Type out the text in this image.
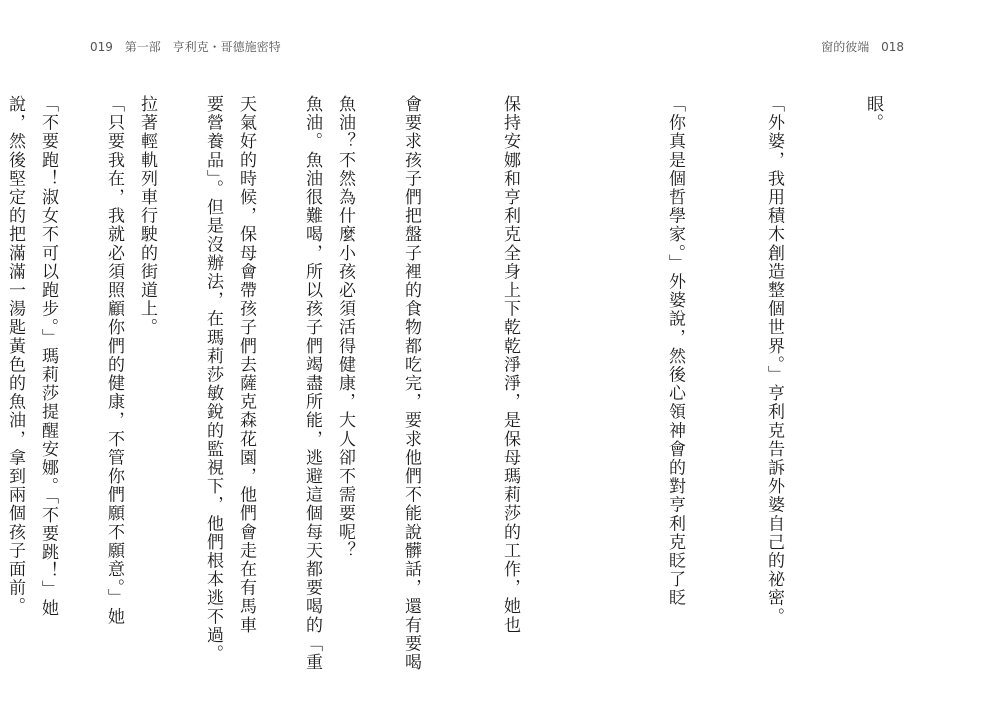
019 第一部 亨利克・哥德施密特	窗的彼端 018

眼。

「外婆，我用積木創造整個世界。」亨利克告訴外婆自己的祕密。

「你真是個哲學家。」外婆說，然後心領神會的對亨利克眨了眨

保持安娜和亨利克全身上下乾乾淨淨，是保母瑪莉莎的工作，她也

會要求孩子們把盤子裡的食物都吃完，要求他們不能說髒話，還有要喝

魚油。魚油很難喝，所以孩子們竭盡所能，逃避這個每天都要喝的「重

要營養品」。但是沒辦法，在瑪莉莎敏銳的監視下，他們根本逃不過。

「只要我在，我就必須照顧你們的健康，不管你們願不願意。」她

說，然後堅定的把滿滿一湯匙黃色的魚油，拿到兩個孩子面前。

	魚油？不然為什麼小孩必須活得健康，大人卻不需要呢？

天氣好的時候，保母會帶孩子們去薩克森花園，他們會走在有馬車

拉著輕軌列車行駛的街道上。

「不要跑！淑女不可以跑步。」瑪莉莎提醒安娜。「不要跳！」她
